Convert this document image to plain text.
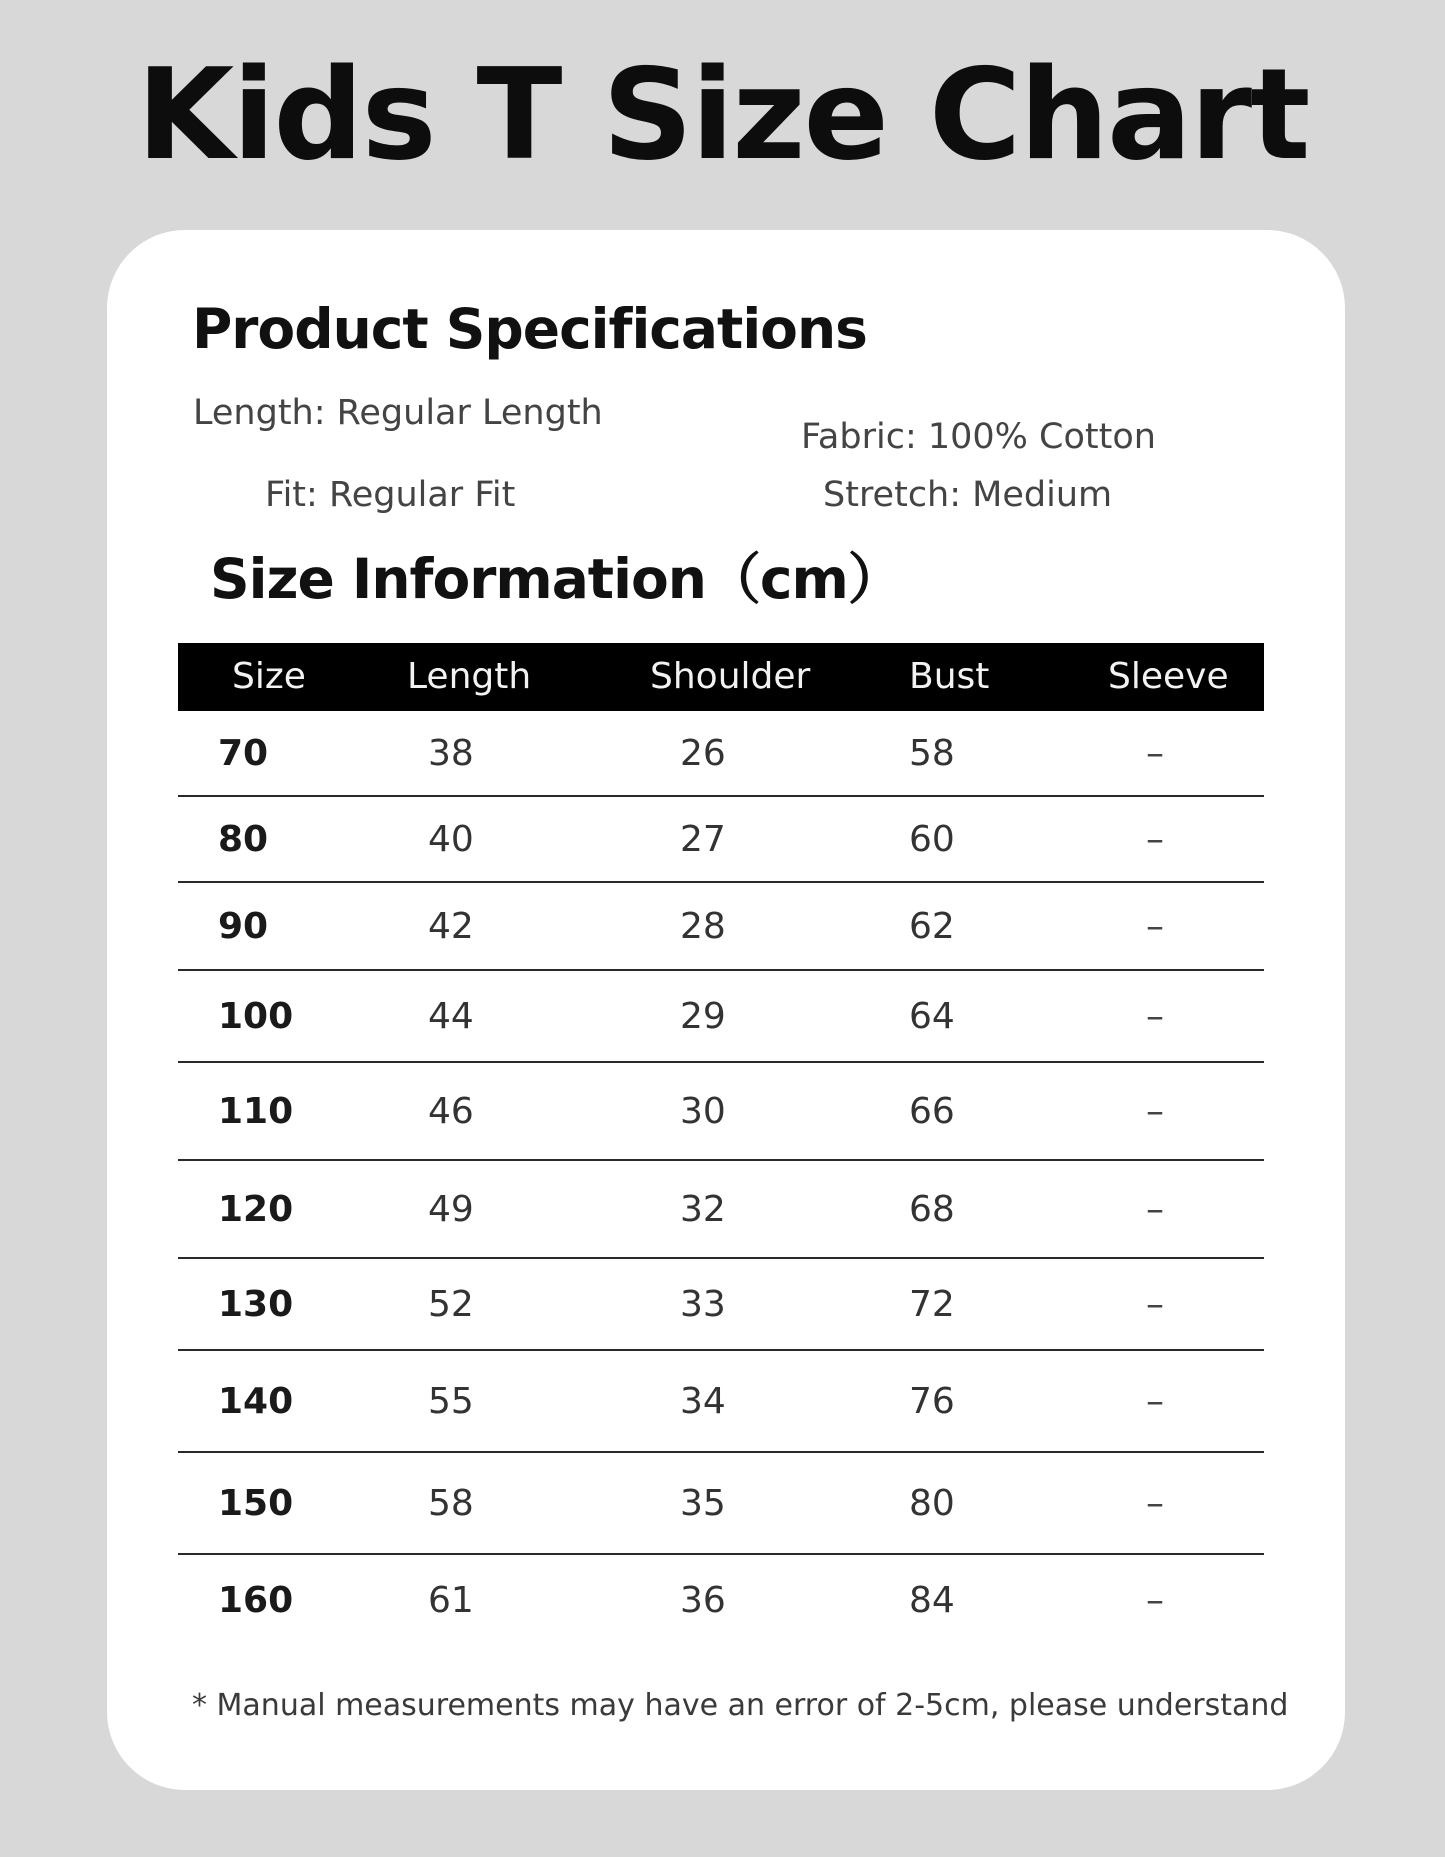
Kids T Size Chart
Product Specifications
Length: Regular Length
Fabric: 100% Cotton
Fit: Regular Fit	Stretch: Medium
Size Information（cm）
Size	Length	Shoulder	Bust	Sleeve
70	38	26	58	–
80	40	27	60	–
90	42	28	62	–
100	44	29	64	–
110	46	30	66	–
120	49	32	68	–
130	52	33	72	–
140	55	34	76	–
150	58	35	80	–
160	61	36	84	–
* Manual measurements may have an error of 2-5cm, please understand
